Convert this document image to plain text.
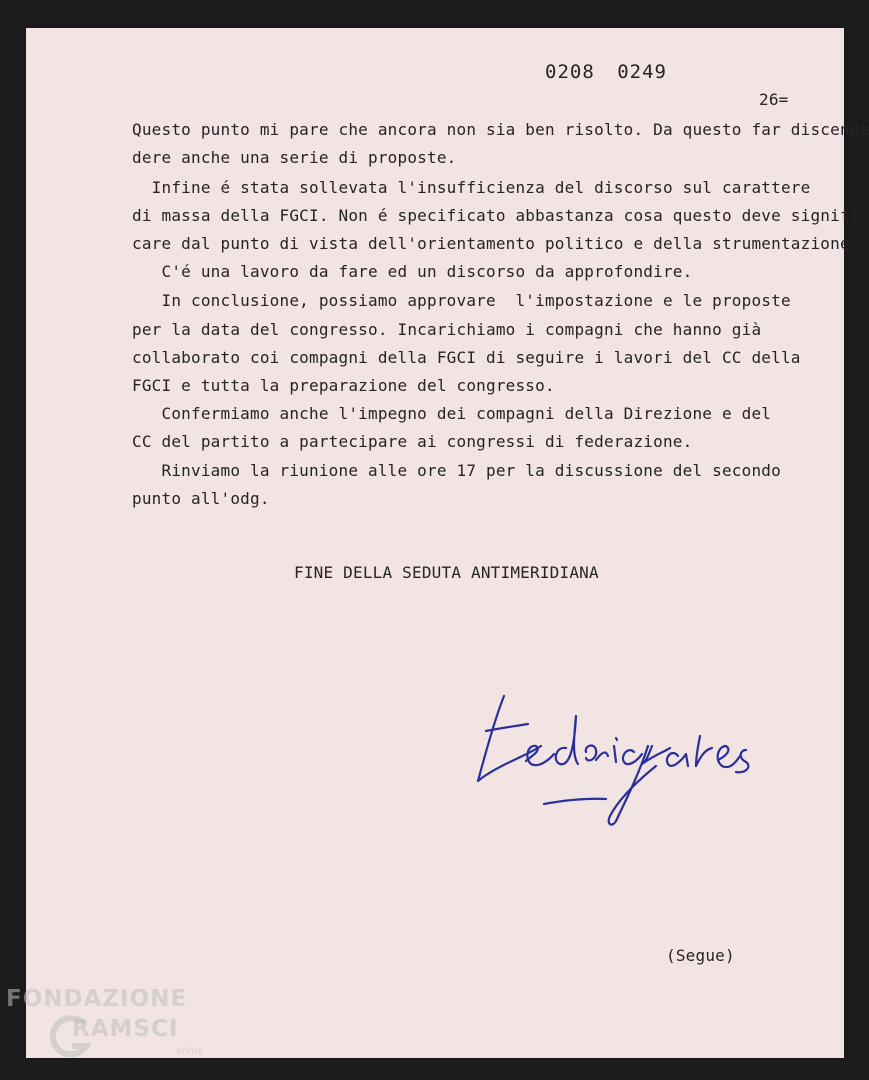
0208 0249
26=
Questo punto mi pare che ancora non sia ben risolto. Da questo far discende
dere anche una serie di proposte.
Infine é stata sollevata l'insufficienza del discorso sul carattere
di massa della FGCI. Non é specificato abbastanza cosa questo deve signifi-
care dal punto di vista dell'orientamento politico e della strumentazione.
C'é una lavoro da fare ed un discorso da approfondire.
In conclusione, possiamo approvare  l'impostazione e le proposte
per la data del congresso. Incarichiamo i compagni che hanno già
collaborato coi compagni della FGCI di seguire i lavori del CC della
FGCI e tutta la preparazione del congresso.
Confermiamo anche l'impegno dei compagni della Direzione e del
CC del partito a partecipare ai congressi di federazione.
Rinviamo la riunione alle ore 17 per la discussione del secondo
punto all'odg.
FINE DELLA SEDUTA ANTIMERIDIANA
(Segue)
FONDAZIONE
RAMSCI
onlus
